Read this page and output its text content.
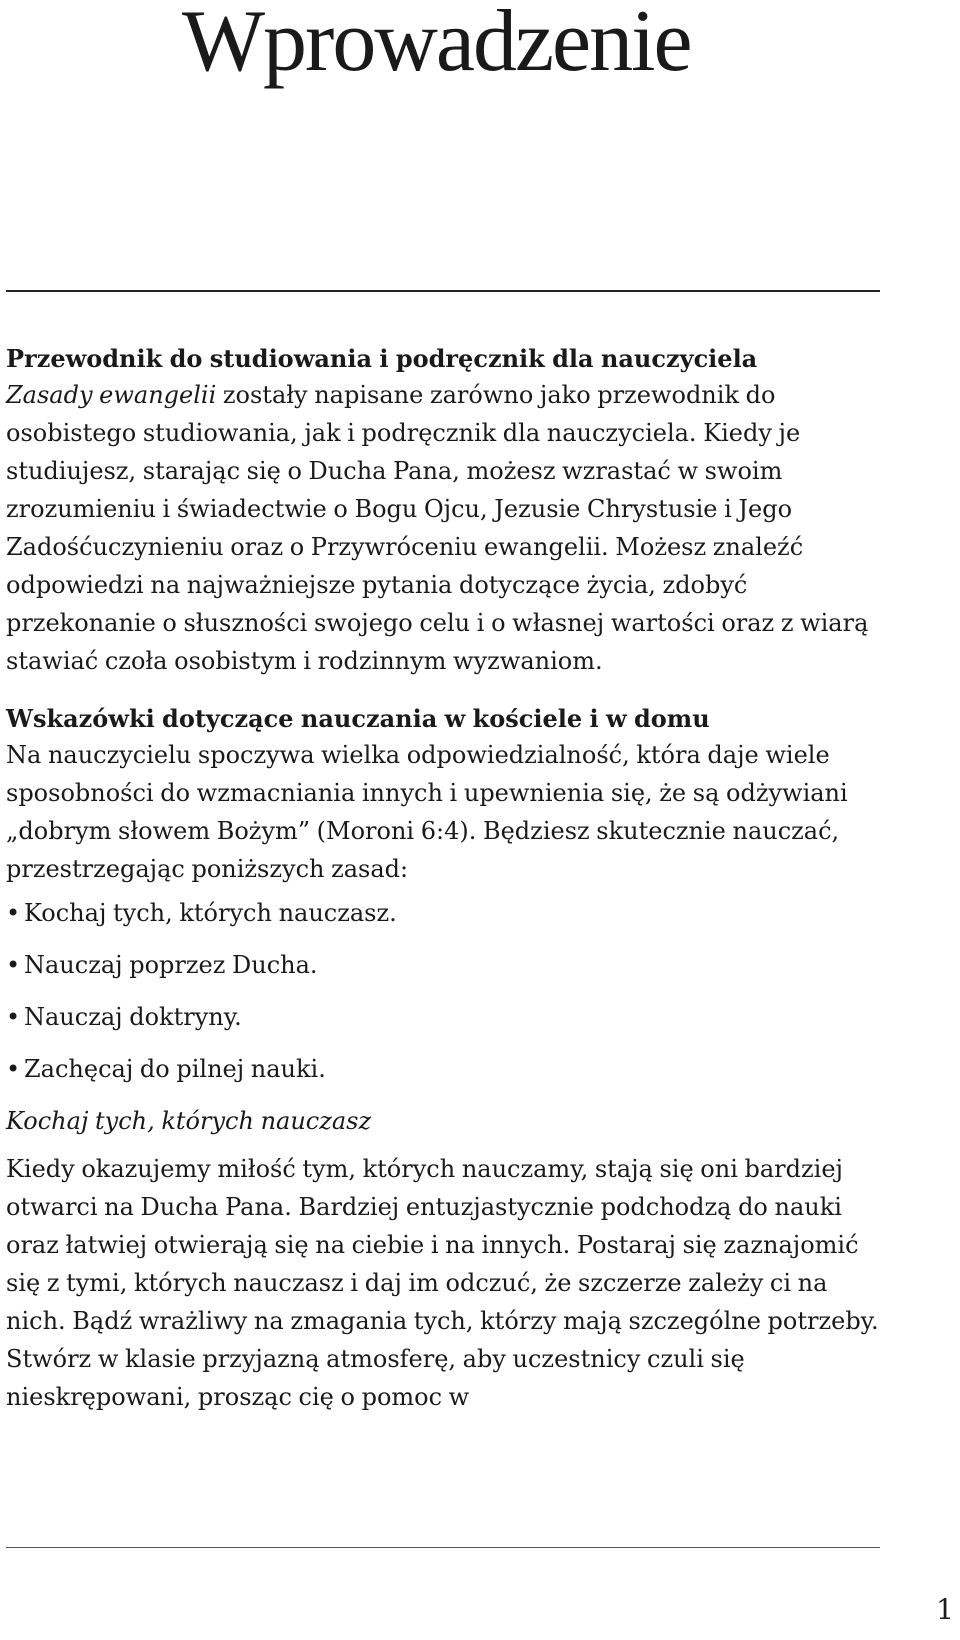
Wprowadzenie

Przewodnik do studiowania i podręcznik dla nauczyciela

Zasady ewangelii zostały napisane zarówno jako przewodnik do osobistego studiowania, jak i podręcznik dla nauczyciela. Kiedy je studiujesz, starając się o Ducha Pana, możesz wzrastać w swoim zrozumieniu i świadectwie o Bogu Ojcu, Jezusie Chrystusie i Jego Zadośćuczynieniu oraz o Przywróceniu ewangelii. Możesz znaleźć odpowiedzi na najważniejsze pytania dotyczące życia, zdobyć przekonanie o słuszności swojego celu i o własnej wartości oraz z wiarą stawiać czoła osobistym i rodzinnym wyzwaniom.

Wskazówki dotyczące nauczania w kościele i w domu

Na nauczycielu spoczywa wielka odpowiedzialność, która daje wiele sposobności do wzmacniania innych i upewnienia się, że są odżywiani „dobrym słowem Bożym” (Moroni 6:4). Będziesz skutecznie nauczać, przestrzegając poniższych zasad:

• Kochaj tych, których nauczasz.
• Nauczaj poprzez Ducha.
• Nauczaj doktryny.
• Zachęcaj do pilnej nauki.

Kochaj tych, których nauczasz

Kiedy okazujemy miłość tym, których nauczamy, stają się oni bardziej otwarci na Ducha Pana. Bardziej entuzjastycznie podchodzą do nauki oraz łatwiej otwierają się na ciebie i na innych. Postaraj się zaznajomić się z tymi, których nauczasz i daj im odczuć, że szczerze zależy ci na nich. Bądź wrażliwy na zmagania tych, którzy mają szczególne potrzeby. Stwórz w klasie przyjazną atmosferę, aby uczestnicy czuli się nieskrępowani, prosząc cię o pomoc w

1
